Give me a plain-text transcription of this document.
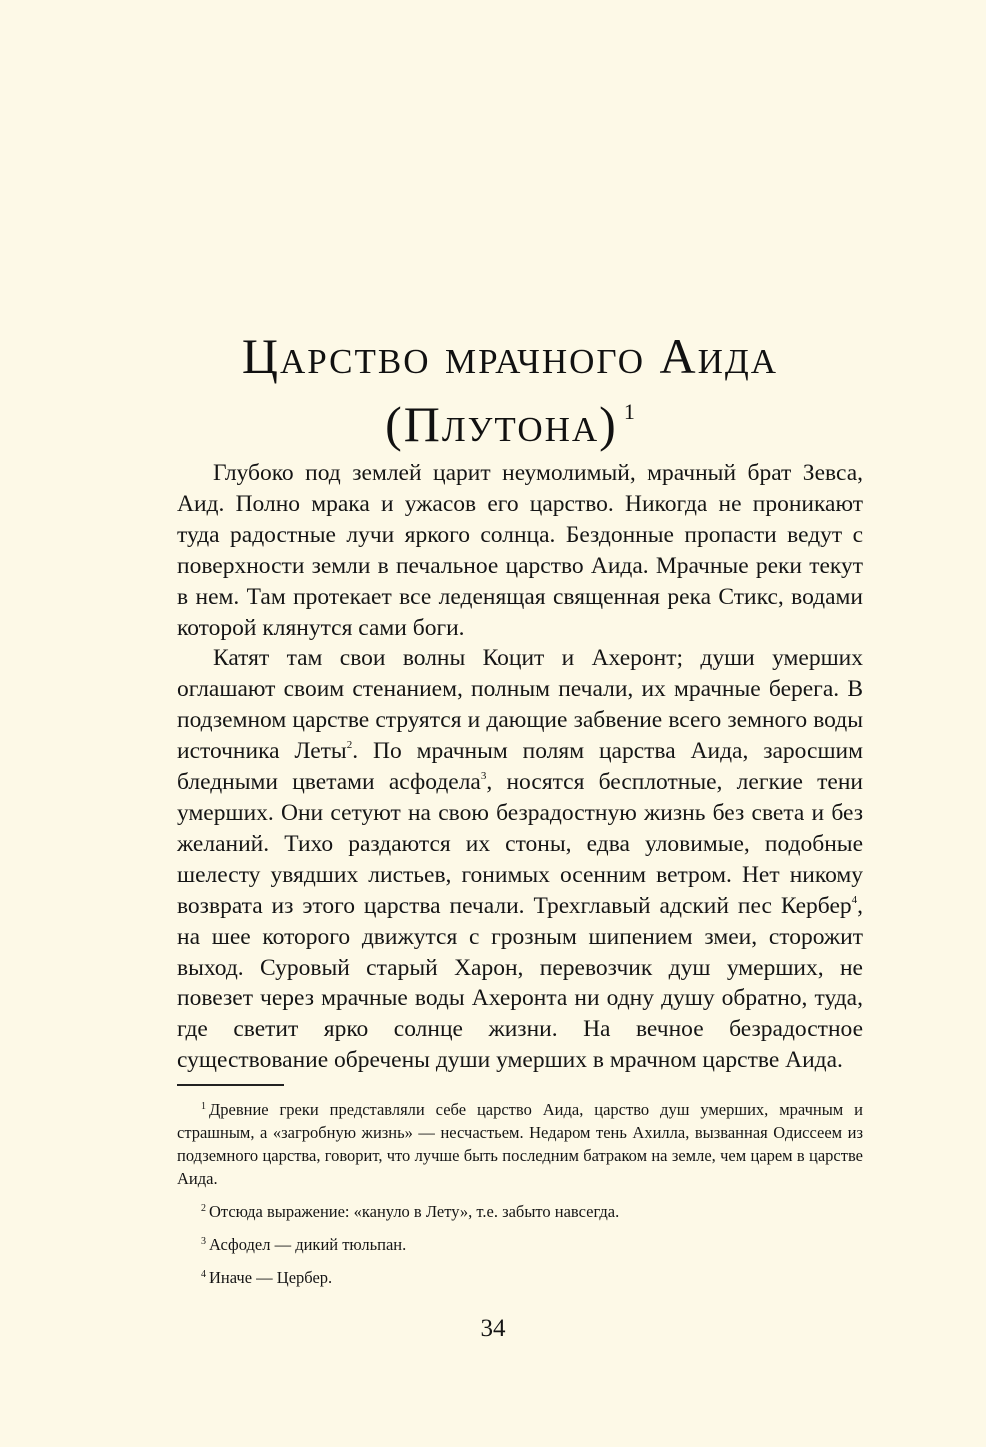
Царство мрачного Аида
(Плутона) $^1$

Глубоко под землей царит неумолимый, мрачный брат Зевса, Аид. Полно мрака и ужасов его царство. Никогда не проникают туда радостные лучи яркого солнца. Бездонные пропасти ведут с поверхности земли в печальное царство Аида. Мрачные реки текут в нем. Там протекает все леденящая священная река Стикс, водами которой клянутся сами боги.

Катят там свои волны Коцит и Ахеронт; души умерших оглашают своим стенанием, полным печали, их мрачные берега. В подземном царстве струятся и дающие забвение всего земного воды источника Леты$^2$. По мрачным полям царства Аида, заросшим бледными цветами асфодела$^3$, носятся бесплотные, легкие тени умерших. Они сетуют на свою безрадостную жизнь без света и без желаний. Тихо раздаются их стоны, едва уловимые, подобные шелесту увядших листьев, гонимых осенним ветром. Нет никому возврата из этого царства печали. Трехглавый адский пес Кербер$^4$, на шее которого движутся с грозным шипением змеи, сторожит выход. Суровый старый Харон, перевозчик душ умерших, не повезет через мрачные воды Ахеронта ни одну душу обратно, туда, где светит ярко солнце жизни. На вечное безрадостное существование обречены души умерших в мрачном царстве Аида.

$^1$ Древние греки представляли себе царство Аида, царство душ умерших, мрачным и страшным, а «загробную жизнь» — несчастьем. Недаром тень Ахилла, вызванная Одиссеем из подземного царства, говорит, что лучше быть последним батраком на земле, чем царем в царстве Аида.

$^2$ Отсюда выражение: «кануло в Лету», т.е. забыто навсегда.

$^3$ Асфодел — дикий тюльпан.

$^4$ Иначе — Цербер.

34
